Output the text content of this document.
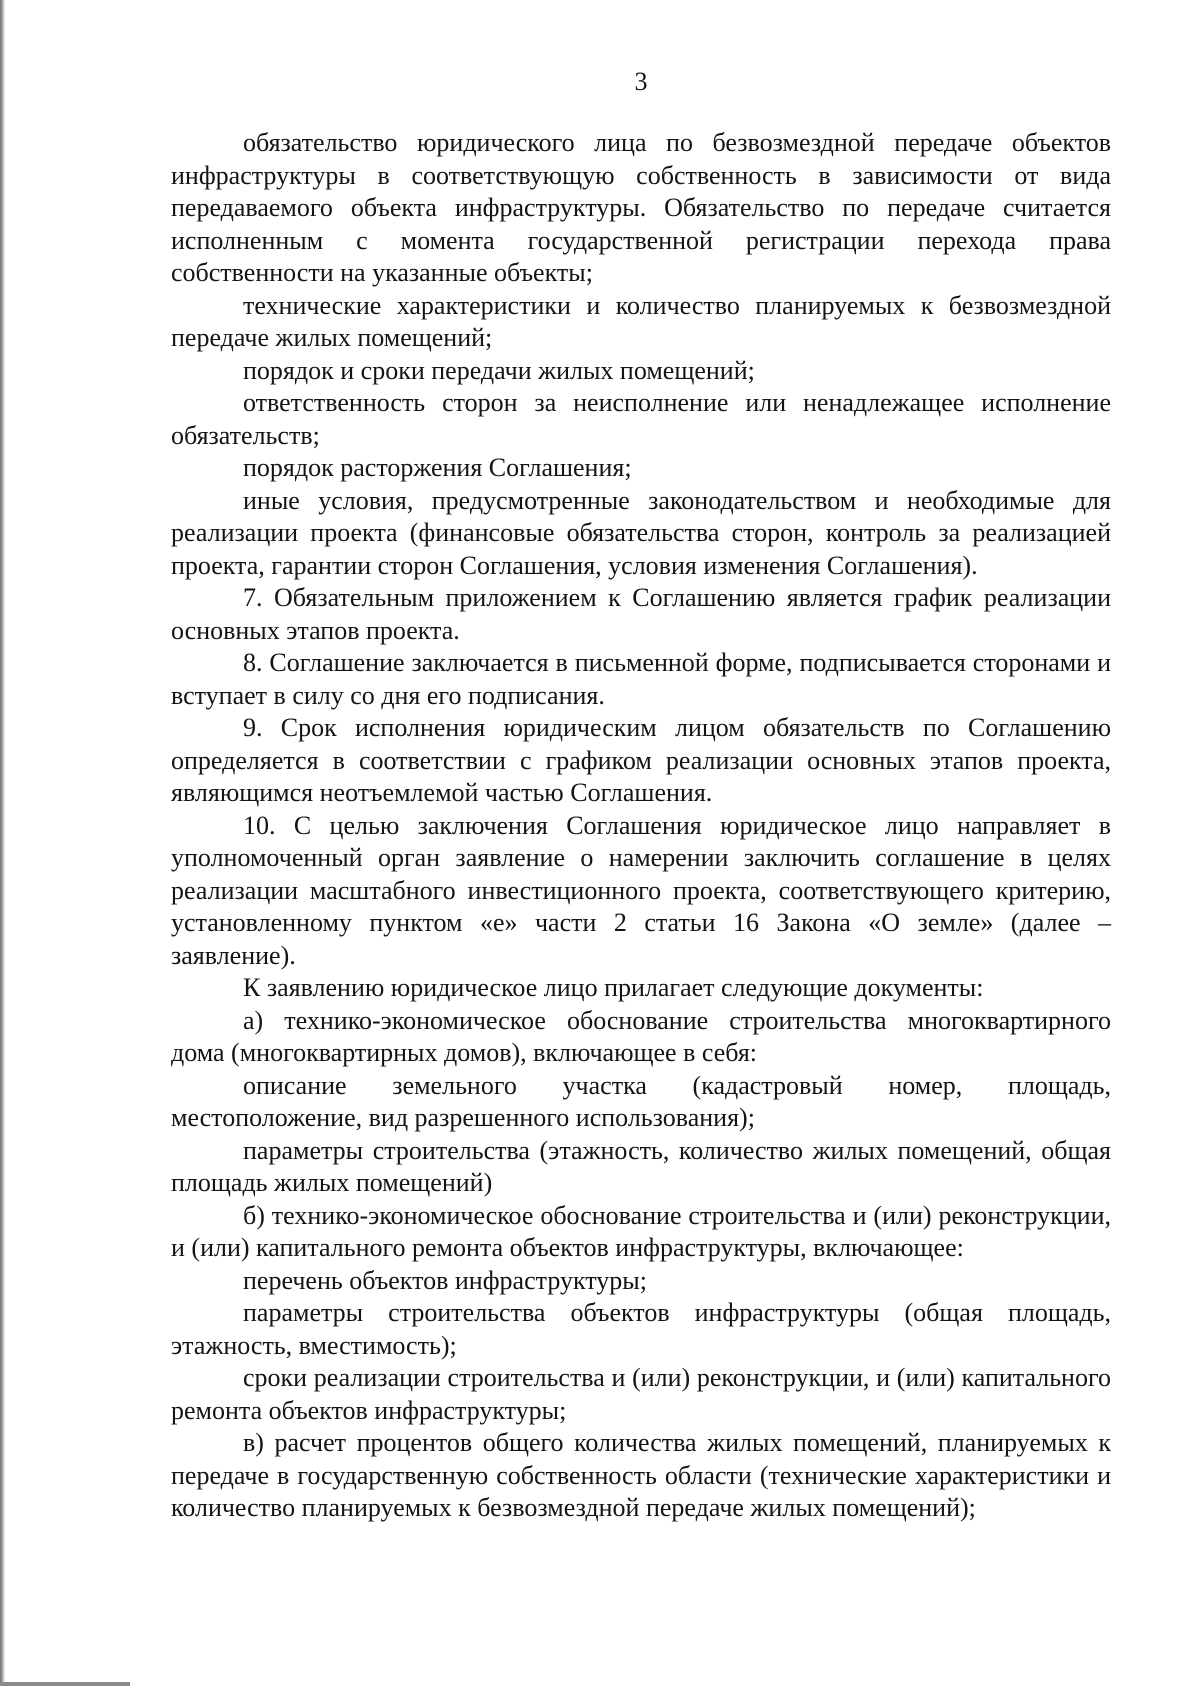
3

обязательство юридического лица по безвозмездной передаче объектов инфраструктуры в соответствующую собственность в зависимости от вида передаваемого объекта инфраструктуры. Обязательство по передаче считается исполненным с момента государственной регистрации перехода права собственности на указанные объекты;

технические характеристики и количество планируемых к безвозмездной передаче жилых помещений;

порядок и сроки передачи жилых помещений;

ответственность сторон за неисполнение или ненадлежащее исполнение обязательств;

порядок расторжения Соглашения;

иные условия, предусмотренные законодательством и необходимые для реализации проекта (финансовые обязательства сторон, контроль за реализацией проекта, гарантии сторон Соглашения, условия изменения Соглашения).

7. Обязательным приложением к Соглашению является график реализации основных этапов проекта.

8. Соглашение заключается в письменной форме, подписывается сторонами и вступает в силу со дня его подписания.

9. Срок исполнения юридическим лицом обязательств по Соглашению определяется в соответствии с графиком реализации основных этапов проекта, являющимся неотъемлемой частью Соглашения.

10. С целью заключения Соглашения юридическое лицо направляет в уполномоченный орган заявление о намерении заключить соглашение в целях реализации масштабного инвестиционного проекта, соответствующего критерию, установленному пунктом «е» части 2 статьи 16 Закона «О земле» (далее – заявление).

К заявлению юридическое лицо прилагает следующие документы:

а) технико-экономическое обоснование строительства многоквартирного дома (многоквартирных домов), включающее в себя:

описание земельного участка (кадастровый номер, площадь, местоположение, вид разрешенного использования);

параметры строительства (этажность, количество жилых помещений, общая площадь жилых помещений)

б) технико-экономическое обоснование строительства и (или) реконструкции, и (или) капитального ремонта объектов инфраструктуры, включающее:

перечень объектов инфраструктуры;

параметры строительства объектов инфраструктуры (общая площадь, этажность, вместимость);

сроки реализации строительства и (или) реконструкции, и (или) капитального ремонта объектов инфраструктуры;

в) расчет процентов общего количества жилых помещений, планируемых к передаче в государственную собственность области (технические характеристики и количество планируемых к безвозмездной передаче жилых помещений);
